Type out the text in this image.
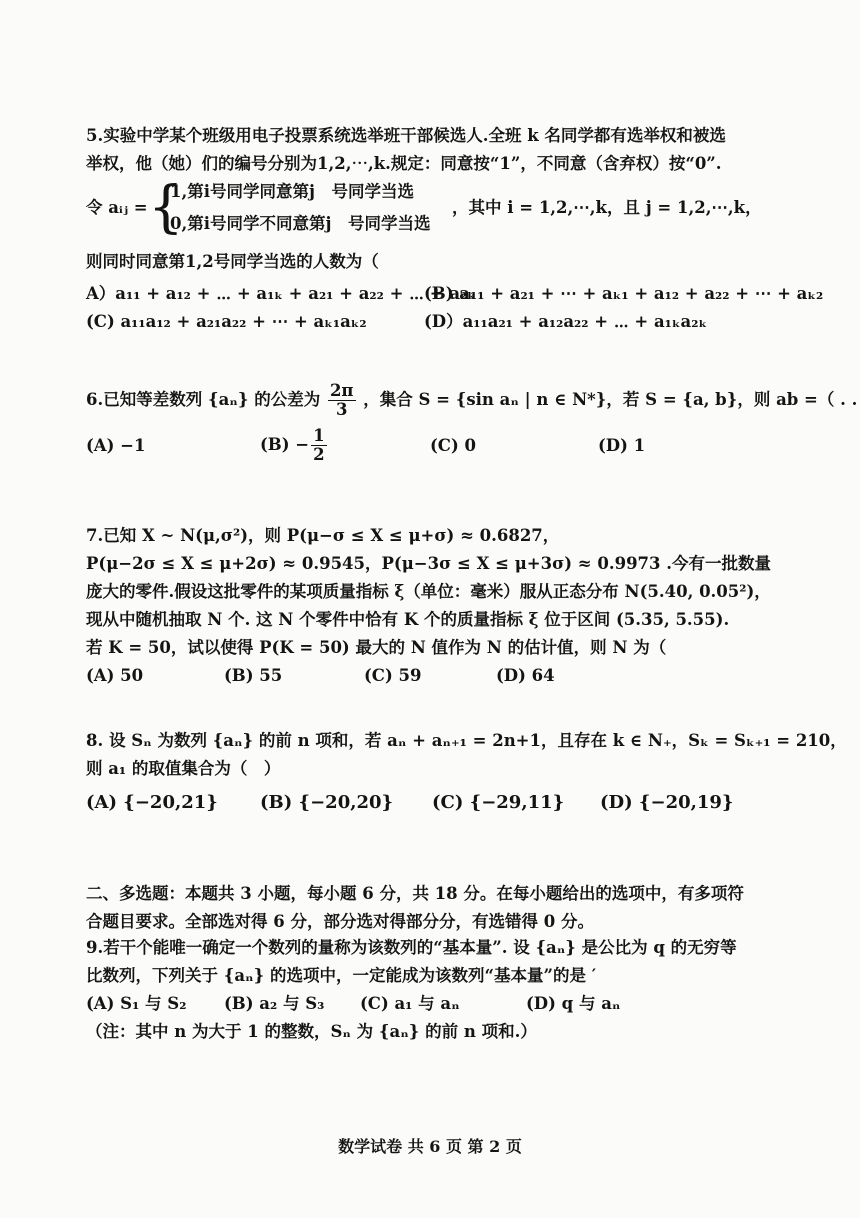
5.实验中学某个班级用电子投票系统选举班干部候选人.全班 k 名同学都有选举权和被选
举权，他（她）们的编号分别为1,2,⋯,k.规定：同意按“1”，不同意（含弃权）按“0”.
令 aᵢⱼ = {
1,第i号同学同意第j　号同学当选
0,第i号同学不同意第j　号同学当选
，其中 i = 1,2,⋯,k，且 j = 1,2,⋯,k，
则同时同意第1,2号同学当选的人数为（
A）a₁₁ + a₁₂ + ⋯ + a₁ₖ + a₂₁ + a₂₂ + ⋯ + a₂ₖ
(B) a₁₁ + a₂₁ + ⋯ + aₖ₁ + a₁₂ + a₂₂ + ⋯ + aₖ₂
(C) a₁₁a₁₂ + a₂₁a₂₂ + ⋯ + aₖ₁aₖ₂	(D）a₁₁a₂₁ + a₁₂a₂₂ + ⋯ + a₁ₖa₂ₖ
6.已知等差数列 {aₙ} 的公差为 $\frac{2\pi}{3}$ ，集合 S = {sin aₙ | n ∈ N*}，若 S = {a, b}，则 ab =（ . .
(A) −1	$(B) - \frac{1}{2}$	(C) 0	(D) 1
7.已知 X ~ N(μ,σ²)，则 P(μ−σ ≤ X ≤ μ+σ) ≈ 0.6827，
P(μ−2σ ≤ X ≤ μ+2σ) ≈ 0.9545，P(μ−3σ ≤ X ≤ μ+3σ) ≈ 0.9973 .今有一批数量
庞大的零件.假设这批零件的某项质量指标 ξ（单位：毫米）服从正态分布 N(5.40, 0.05²)，
现从中随机抽取 N 个. 这 N 个零件中恰有 K 个的质量指标 ξ 位于区间 (5.35, 5.55).
若 K = 50，试以使得 P(K = 50) 最大的 N 值作为 N 的估计值，则 N 为（
(A) 50	(B) 55	(C) 59	(D) 64
8. 设 Sₙ 为数列 {aₙ} 的前 n 项和，若 aₙ + aₙ₊₁ = 2n+1，且存在 k ∈ N₊，Sₖ = Sₖ₊₁ = 210，
则 a₁ 的取值集合为（　）
(A) {−20,21}	(B) {−20,20}	(C) {−29,11}	(D) {−20,19}
二、多选题：本题共 3 小题，每小题 6 分，共 18 分。在每小题给出的选项中，有多项符
合题目要求。全部选对得 6 分，部分选对得部分分，有选错得 0 分。
9.若干个能唯一确定一个数列的量称为该数列的“基本量”. 设 {aₙ} 是公比为 q 的无穷等
比数列，下列关于 {aₙ} 的选项中，一定能成为该数列“基本量”的是 ′
(A) S₁ 与 S₂	(B) a₂ 与 S₃	(C) a₁ 与 aₙ	(D) q 与 aₙ
（注：其中 n 为大于 1 的整数，Sₙ 为 {aₙ} 的前 n 项和.）
数学试卷 共 6 页 第 2 页
